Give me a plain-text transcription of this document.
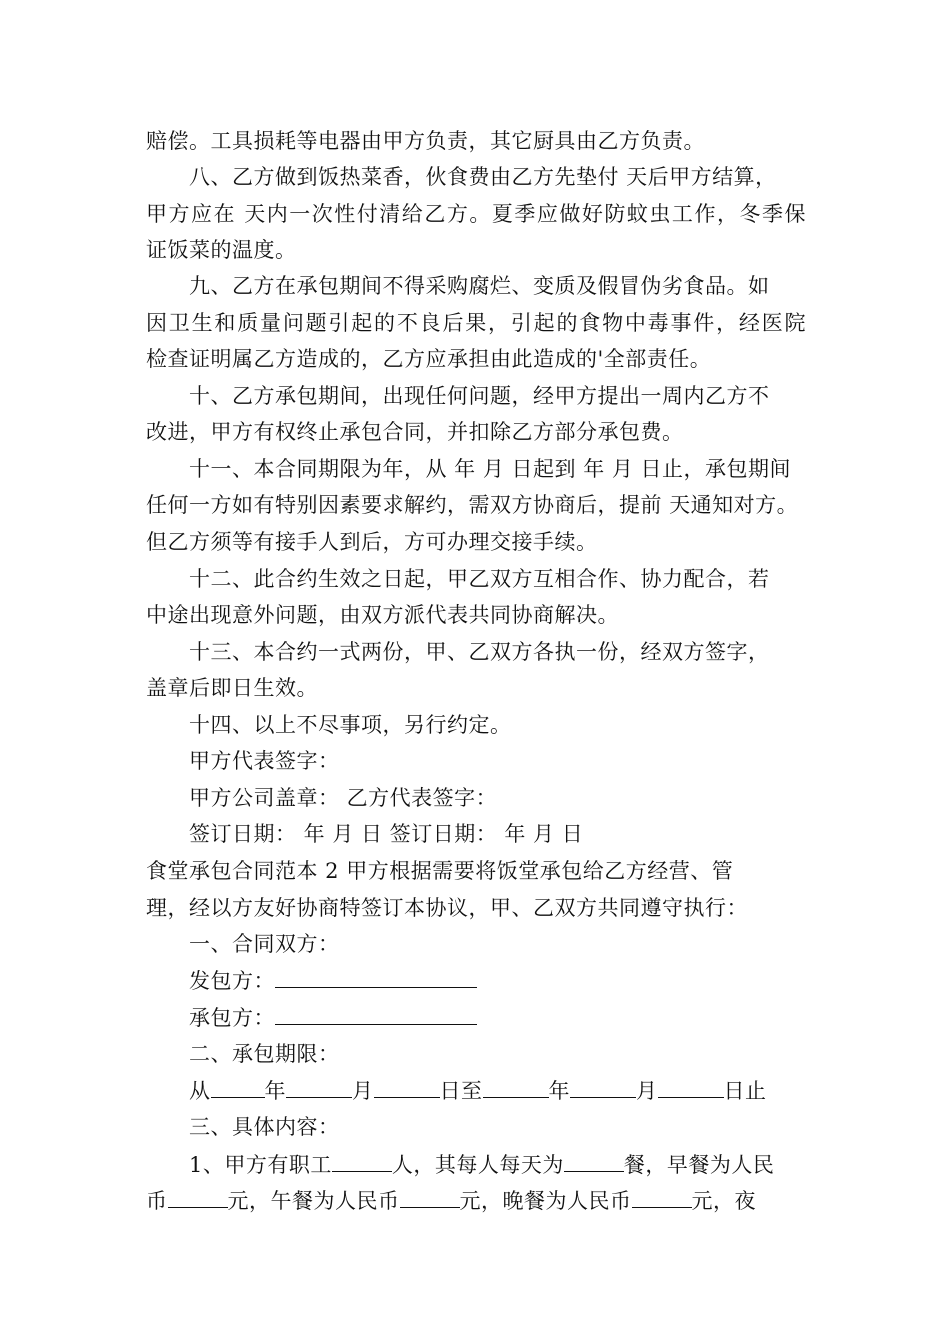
赔偿。工具损耗等电器由甲方负责，其它厨具由乙方负责。
八、乙方做到饭热菜香，伙食费由乙方先垫付 天后甲方结算，
甲方应在 天内一次性付清给乙方。夏季应做好防蚊虫工作，冬季保
证饭菜的温度。
九、乙方在承包期间不得采购腐烂、变质及假冒伪劣食品。如
因卫生和质量问题引起的不良后果，引起的食物中毒事件，经医院
检查证明属乙方造成的，乙方应承担由此造成的'全部责任。
十、乙方承包期间，出现任何问题，经甲方提出一周内乙方不
改进，甲方有权终止承包合同，并扣除乙方部分承包费。
十一、本合同期限为年，从 年 月 日起到 年 月 日止，承包期间
任何一方如有特别因素要求解约，需双方协商后，提前 天通知对方。
但乙方须等有接手人到后，方可办理交接手续。
十二、此合约生效之日起，甲乙双方互相合作、协力配合，若
中途出现意外问题，由双方派代表共同协商解决。
十三、本合约一式两份，甲、乙双方各执一份，经双方签字，
盖章后即日生效。
十四、以上不尽事项，另行约定。
甲方代表签字：
甲方公司盖章： 乙方代表签字：
签订日期： 年 月 日 签订日期： 年 月 日
食堂承包合同范本 2 甲方根据需要将饭堂承包给乙方经营、管
理，经以方友好协商特签订本协议，甲、乙双方共同遵守执行：
一、合同双方：
发包方：
承包方：
二、承包期限：
从	年	月	日至	年	月	日止
三、具体内容：
1、甲方有职工	人，其每人每天为	餐，早餐为人民
币	元，午餐为人民币	元，晚餐为人民币	元，夜
